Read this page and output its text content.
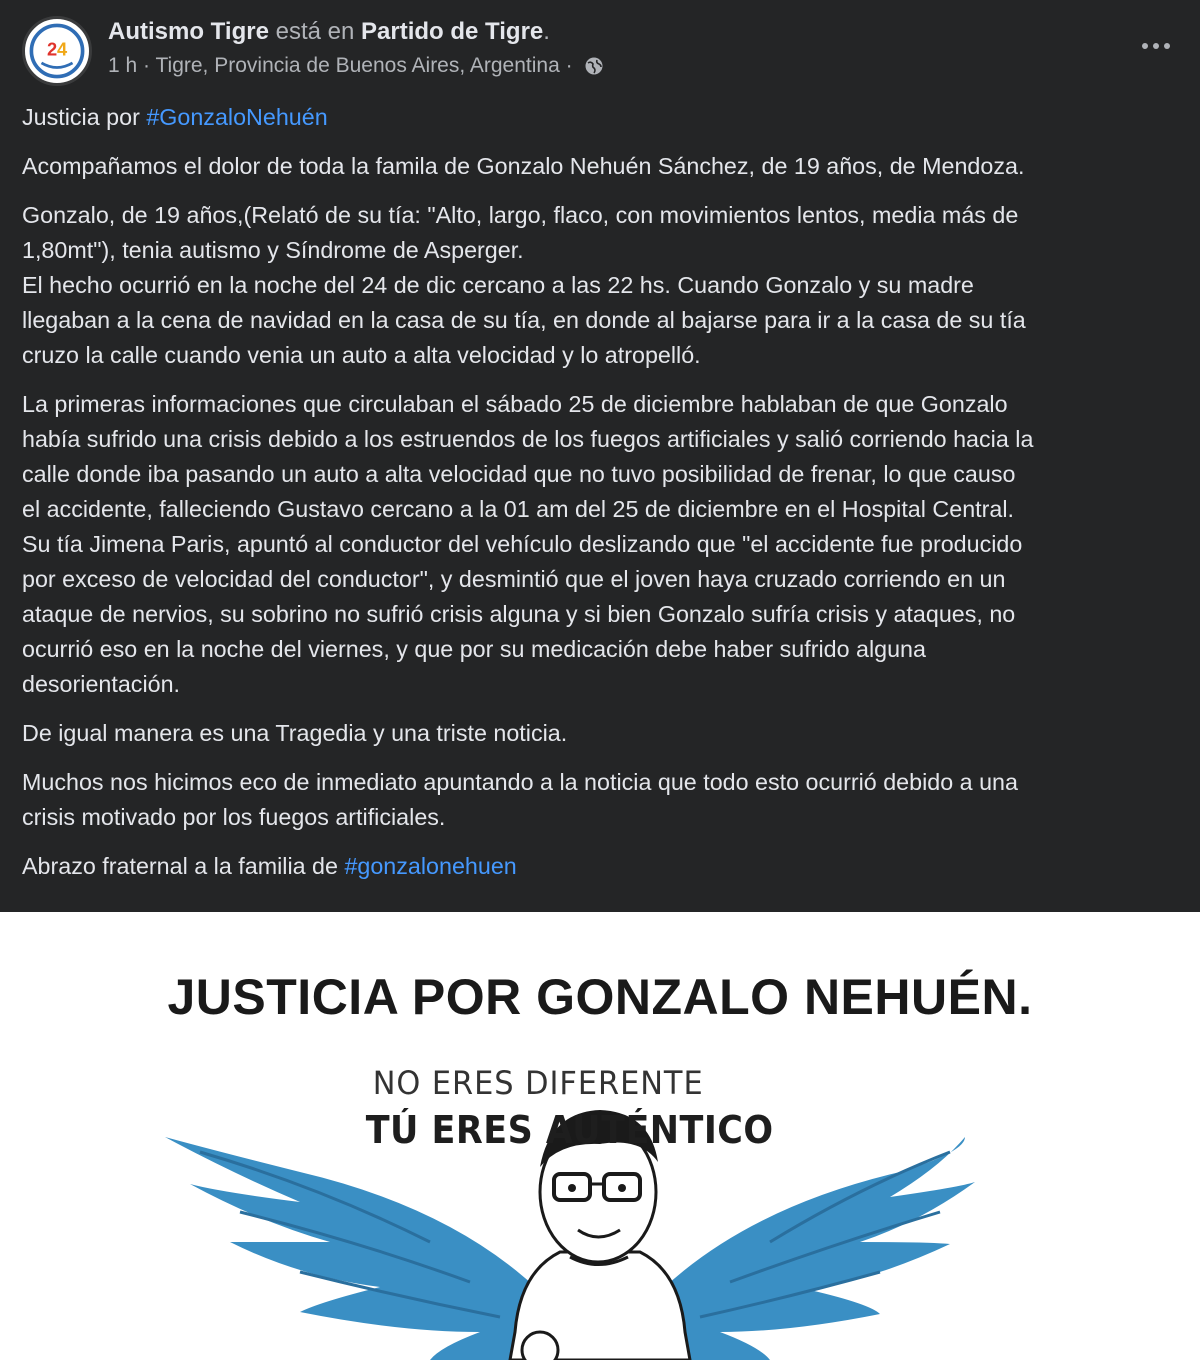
2 4
Autismo Tigre está en Partido de Tigre.
1 h · Tigre, Provincia de Buenos Aires, Argentina ·

Justicia por #GonzaloNehuén

Acompañamos el dolor de toda la famila de Gonzalo Nehuén Sánchez, de 19 años, de Mendoza.

Gonzalo, de 19 años,(Relató de su tía: "Alto, largo, flaco, con movimientos lentos, media más de
1,80mt"), tenia autismo y Síndrome de Asperger.
El hecho ocurrió en la noche del 24 de dic cercano a las 22 hs. Cuando Gonzalo y su madre
llegaban a la cena de navidad en la casa de su tía, en donde al bajarse para ir a la casa de su tía
cruzo la calle cuando venia un auto a alta velocidad y lo atropelló.

La primeras informaciones que circulaban el sábado 25 de diciembre hablaban de que Gonzalo
había sufrido una crisis debido a los estruendos de los fuegos artificiales y salió corriendo hacia la
calle donde iba pasando un auto a alta velocidad que no tuvo posibilidad de frenar, lo que causo
el accidente, falleciendo Gustavo cercano a la 01 am del 25 de diciembre en el Hospital Central.
Su tía Jimena Paris, apuntó al conductor del vehículo deslizando que "el accidente fue producido
por exceso de velocidad del conductor", y desmintió que el joven haya cruzado corriendo en un
ataque de nervios, su sobrino no sufrió crisis alguna y si bien Gonzalo sufría crisis y ataques, no
ocurrió eso en la noche del viernes, y que por su medicación debe haber sufrido alguna
desorientación.

De igual manera es una Tragedia y una triste noticia.

Muchos nos hicimos eco de inmediato apuntando a la noticia que todo esto ocurrió debido a una
crisis motivado por los fuegos artificiales.

Abrazo fraternal a la familia de #gonzalonehuen

JUSTICIA POR GONZALO NEHUÉN.
NO ERES DIFERENTE
TÚ ERES AUTÉNTICO
